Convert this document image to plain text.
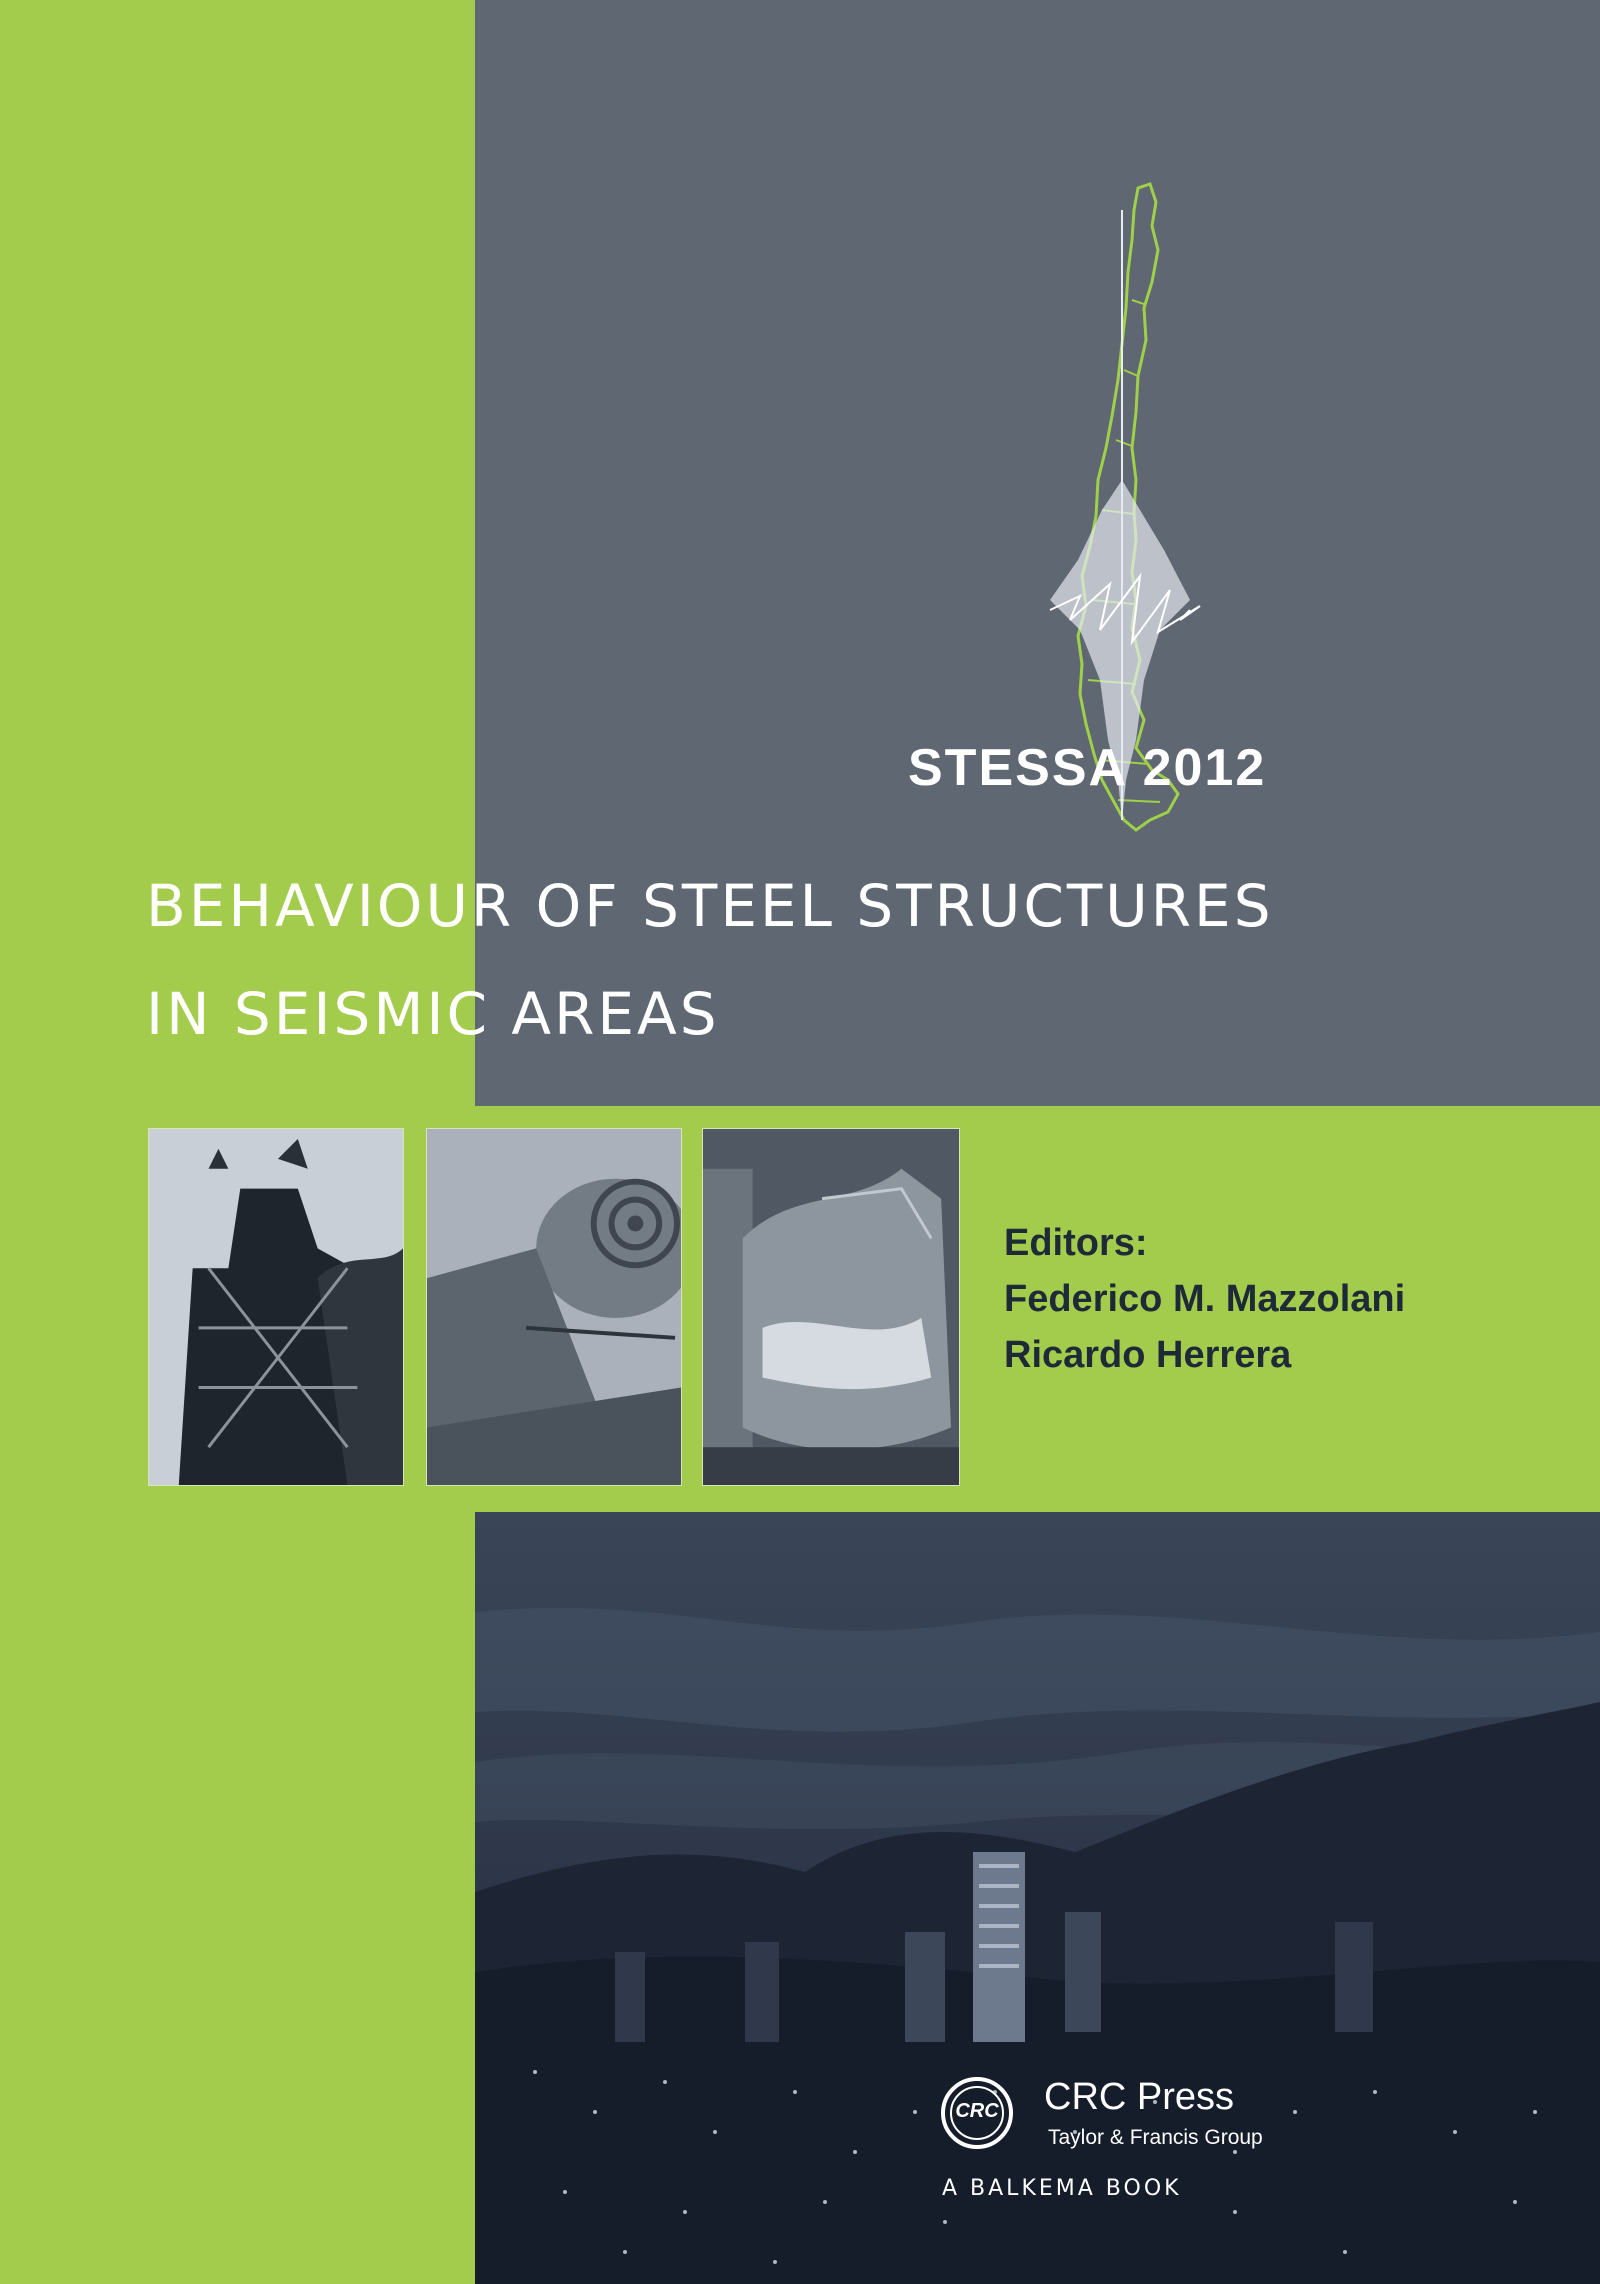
STESSA 2012
BEHAVIOUR OF STEEL STRUCTURES
IN SEISMIC AREAS
Editors:
Federico M. Mazzolani
Ricardo Herrera
CRC CRC Press
Taylor & Francis Group
A BALKEMA BOOK
